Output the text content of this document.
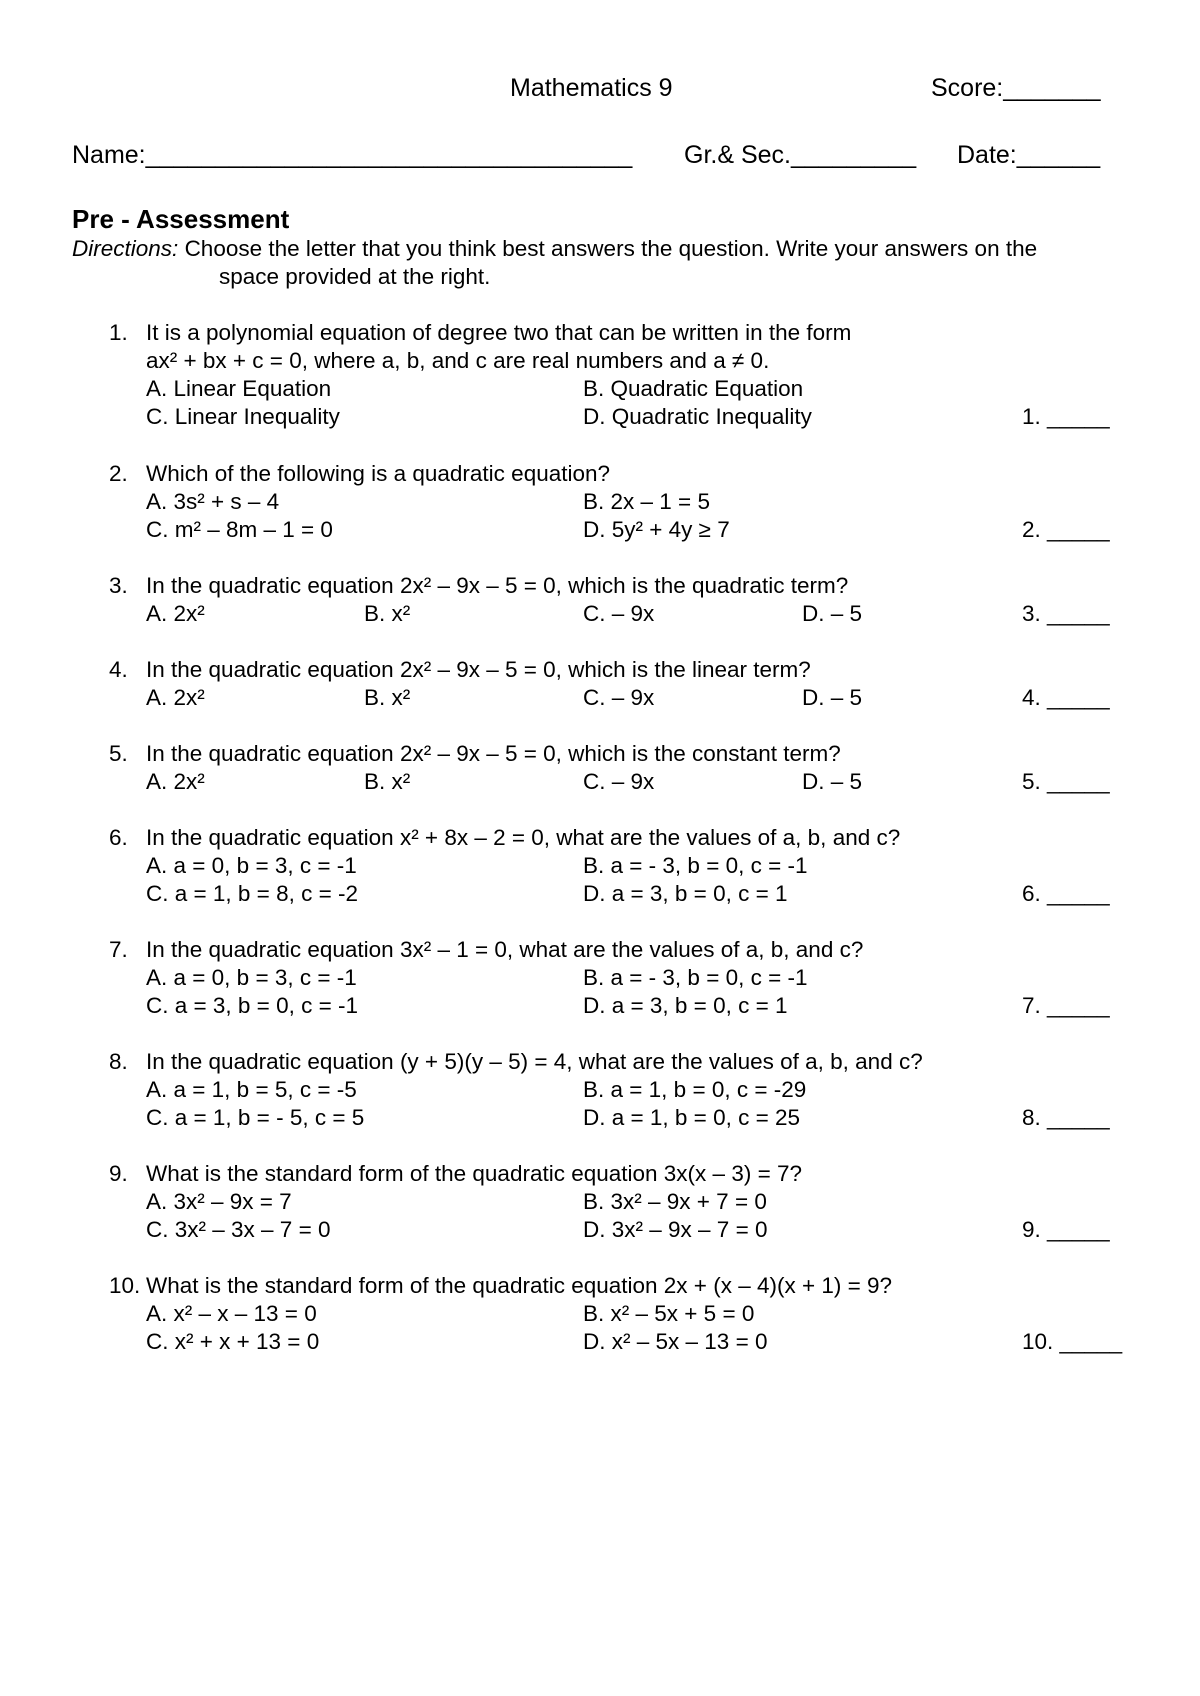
Mathematics 9	Score:_______
Name:___________________________________ Gr.& Sec._________ Date:______
Pre - Assessment
Directions: Choose the letter that you think best answers the question. Write your answers on the
space provided at the right.
1. It is a polynomial equation of degree two that can be written in the form
ax² + bx + c = 0, where a, b, and c are real numbers and a ≠ 0.
A. Linear Equation	B. Quadratic Equation
C. Linear Inequality	D. Quadratic Inequality	1. _____
2. Which of the following is a quadratic equation?
A. 3s² + s – 4	B. 2x – 1 = 5
C. m² – 8m – 1 = 0	D. 5y² + 4y ≥ 7	2. _____
3. In the quadratic equation 2x² – 9x – 5 = 0, which is the quadratic term?
A. 2x²	B. x²	C. – 9x	D. – 5	3. _____
4. In the quadratic equation 2x² – 9x – 5 = 0, which is the linear term?
A. 2x²	B. x²	C. – 9x	D. – 5	4. _____
5. In the quadratic equation 2x² – 9x – 5 = 0, which is the constant term?
A. 2x²	B. x²	C. – 9x	D. – 5	5. _____
6. In the quadratic equation x² + 8x – 2 = 0, what are the values of a, b, and c?
A. a = 0, b = 3, c = -1	B. a = - 3, b = 0, c = -1
C. a = 1, b = 8, c = -2	D. a = 3, b = 0, c = 1	6. _____
7. In the quadratic equation 3x² – 1 = 0, what are the values of a, b, and c?
A. a = 0, b = 3, c = -1	B. a = - 3, b = 0, c = -1
C. a = 3, b = 0, c = -1	D. a = 3, b = 0, c = 1	7. _____
8. In the quadratic equation (y + 5)(y – 5) = 4, what are the values of a, b, and c?
A. a = 1, b = 5, c = -5	B. a = 1, b = 0, c = -29
C. a = 1, b = - 5, c = 5	D. a = 1, b = 0, c = 25	8. _____
9. What is the standard form of the quadratic equation 3x(x – 3) = 7?
A. 3x² – 9x = 7	B. 3x² – 9x + 7 = 0
C. 3x² – 3x – 7 = 0	D. 3x² – 9x – 7 = 0	9. _____
10. What is the standard form of the quadratic equation 2x + (x – 4)(x + 1) = 9?
A. x² – x – 13 = 0	B. x² – 5x + 5 = 0
C. x² + x + 13 = 0	D. x² – 5x – 13 = 0	10. _____
